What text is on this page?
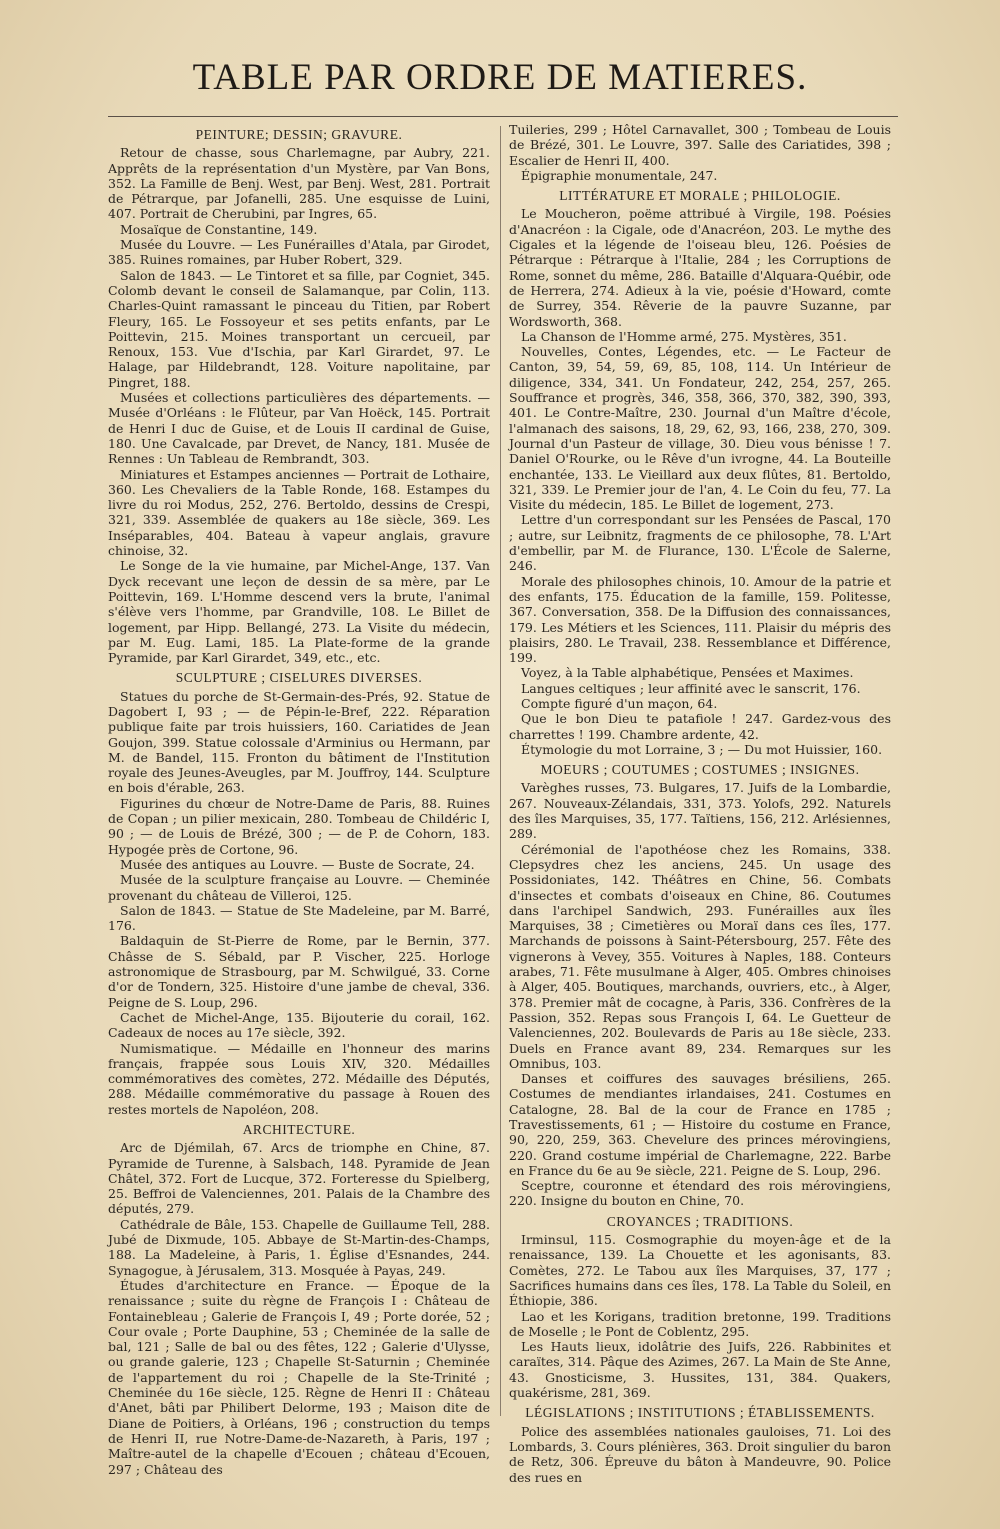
TABLE PAR ORDRE DE MATIERES.
PEINTURE; DESSIN; GRAVURE.

Retour de chasse, sous Charlemagne, par Aubry, 221. Apprêts de la représentation d'un Mystère, par Van Bons, 352. La Famille de Benj. West, par Benj. West, 281. Portrait de Pétrarque, par Jofanelli, 285. Une esquisse de Luini, 407. Portrait de Cherubini, par Ingres, 65.

Mosaïque de Constantine, 149.

Musée du Louvre. — Les Funérailles d'Atala, par Girodet, 385. Ruines romaines, par Huber Robert, 329.

Salon de 1843. — Le Tintoret et sa fille, par Cogniet, 345. Colomb devant le conseil de Salamanque, par Colin, 113. Charles-Quint ramassant le pinceau du Titien, par Robert Fleury, 165. Le Fossoyeur et ses petits enfants, par Le Poittevin, 215. Moines transportant un cercueil, par Renoux, 153. Vue d'Ischia, par Karl Girardet, 97. Le Halage, par Hildebrandt, 128. Voiture napolitaine, par Pingret, 188.

Musées et collections particulières des départements. — Musée d'Orléans : le Flûteur, par Van Hoëck, 145. Portrait de Henri I duc de Guise, et de Louis II cardinal de Guise, 180. Une Cavalcade, par Drevet, de Nancy, 181. Musée de Rennes : Un Tableau de Rembrandt, 303.

Miniatures et Estampes anciennes — Portrait de Lothaire, 360. Les Chevaliers de la Table Ronde, 168. Estampes du livre du roi Modus, 252, 276. Bertoldo, dessins de Crespi, 321, 339. Assemblée de quakers au 18e siècle, 369. Les Inséparables, 404. Bateau à vapeur anglais, gravure chinoise, 32.

Le Songe de la vie humaine, par Michel-Ange, 137. Van Dyck recevant une leçon de dessin de sa mère, par Le Poittevin, 169. L'Homme descend vers la brute, l'animal s'élève vers l'homme, par Grandville, 108. Le Billet de logement, par Hipp. Bellangé, 273. La Visite du médecin, par M. Eug. Lami, 185. La Plate-forme de la grande Pyramide, par Karl Girardet, 349, etc., etc.

SCULPTURE ; CISELURES DIVERSES.

Statues du porche de St-Germain-des-Prés, 92. Statue de Dagobert I, 93 ; — de Pépin-le-Bref, 222. Réparation publique faite par trois huissiers, 160. Cariatides de Jean Goujon, 399. Statue colossale d'Arminius ou Hermann, par M. de Bandel, 115. Fronton du bâtiment de l'Institution royale des Jeunes-Aveugles, par M. Jouffroy, 144. Sculpture en bois d'érable, 263.

Figurines du chœur de Notre-Dame de Paris, 88. Ruines de Copan ; un pilier mexicain, 280. Tombeau de Childéric I, 90 ; — de Louis de Brézé, 300 ; — de P. de Cohorn, 183. Hypogée près de Cortone, 96.

Musée des antiques au Louvre. — Buste de Socrate, 24.

Musée de la sculpture française au Louvre. — Cheminée provenant du château de Villeroi, 125.

Salon de 1843. — Statue de Ste Madeleine, par M. Barré, 176.

Baldaquin de St-Pierre de Rome, par le Bernin, 377. Châsse de S. Sébald, par P. Vischer, 225. Horloge astronomique de Strasbourg, par M. Schwilgué, 33. Corne d'or de Tondern, 325. Histoire d'une jambe de cheval, 336. Peigne de S. Loup, 296.

Cachet de Michel-Ange, 135. Bijouterie du corail, 162. Cadeaux de noces au 17e siècle, 392.

Numismatique. — Médaille en l'honneur des marins français, frappée sous Louis XIV, 320. Médailles commémoratives des comètes, 272. Médaille des Députés, 288. Médaille commémorative du passage à Rouen des restes mortels de Napoléon, 208.

ARCHITECTURE.

Arc de Djémilah, 67. Arcs de triomphe en Chine, 87. Pyramide de Turenne, à Salsbach, 148. Pyramide de Jean Châtel, 372. Fort de Lucque, 372. Forteresse du Spielberg, 25. Beffroi de Valenciennes, 201. Palais de la Chambre des députés, 279.

Cathédrale de Bâle, 153. Chapelle de Guillaume Tell, 288. Jubé de Dixmude, 105. Abbaye de St-Martin-des-Champs, 188. La Madeleine, à Paris, 1. Église d'Esnandes, 244. Synagogue, à Jérusalem, 313. Mosquée à Payas, 249.

Études d'architecture en France. — Époque de la renaissance ; suite du règne de François I : Château de Fontainebleau ; Galerie de François I, 49 ; Porte dorée, 52 ; Cour ovale ; Porte Dauphine, 53 ; Cheminée de la salle de bal, 121 ; Salle de bal ou des fêtes, 122 ; Galerie d'Ulysse, ou grande galerie, 123 ; Chapelle St-Saturnin ; Cheminée de l'appartement du roi ; Chapelle de la Ste-Trinité ; Cheminée du 16e siècle, 125. Règne de Henri II : Château d'Anet, bâti par Philibert Delorme, 193 ; Maison dite de Diane de Poitiers, à Orléans, 196 ; construction du temps de Henri II, rue Notre-Dame-de-Nazareth, à Paris, 197 ; Maître-autel de la chapelle d'Ecouen ; château d'Ecouen, 297 ; Château des

Tuileries, 299 ; Hôtel Carnavallet, 300 ; Tombeau de Louis de Brézé, 301. Le Louvre, 397. Salle des Cariatides, 398 ; Escalier de Henri II, 400.

Épigraphie monumentale, 247.

LITTÉRATURE ET MORALE ; PHILOLOGIE.

Le Moucheron, poëme attribué à Virgile, 198. Poésies d'Anacréon : la Cigale, ode d'Anacréon, 203. Le mythe des Cigales et la légende de l'oiseau bleu, 126. Poésies de Pétrarque : Pétrarque à l'Italie, 284 ; les Corruptions de Rome, sonnet du même, 286. Bataille d'Alquara-Québir, ode de Herrera, 274. Adieux à la vie, poésie d'Howard, comte de Surrey, 354. Rêverie de la pauvre Suzanne, par Wordsworth, 368.

La Chanson de l'Homme armé, 275. Mystères, 351.

Nouvelles, Contes, Légendes, etc. — Le Facteur de Canton, 39, 54, 59, 69, 85, 108, 114. Un Intérieur de diligence, 334, 341. Un Fondateur, 242, 254, 257, 265. Souffrance et progrès, 346, 358, 366, 370, 382, 390, 393, 401. Le Contre-Maître, 230. Journal d'un Maître d'école, l'almanach des saisons, 18, 29, 62, 93, 166, 238, 270, 309. Journal d'un Pasteur de village, 30. Dieu vous bénisse ! 7. Daniel O'Rourke, ou le Rêve d'un ivrogne, 44. La Bouteille enchantée, 133. Le Vieillard aux deux flûtes, 81. Bertoldo, 321, 339. Le Premier jour de l'an, 4. Le Coin du feu, 77. La Visite du médecin, 185. Le Billet de logement, 273.

Lettre d'un correspondant sur les Pensées de Pascal, 170 ; autre, sur Leibnitz, fragments de ce philosophe, 78. L'Art d'embellir, par M. de Flurance, 130. L'École de Salerne, 246.

Morale des philosophes chinois, 10. Amour de la patrie et des enfants, 175. Éducation de la famille, 159. Politesse, 367. Conversation, 358. De la Diffusion des connaissances, 179. Les Métiers et les Sciences, 111. Plaisir du mépris des plaisirs, 280. Le Travail, 238. Ressemblance et Différence, 199.

Voyez, à la Table alphabétique, Pensées et Maximes.

Langues celtiques ; leur affinité avec le sanscrit, 176.

Compte figuré d'un maçon, 64.

Que le bon Dieu te patafiole ! 247. Gardez-vous des charrettes ! 199. Chambre ardente, 42.

Étymologie du mot Lorraine, 3 ; — Du mot Huissier, 160.

MOEURS ; COUTUMES ; COSTUMES ; INSIGNES.

Varèghes russes, 73. Bulgares, 17. Juifs de la Lombardie, 267. Nouveaux-Zélandais, 331, 373. Yolofs, 292. Naturels des îles Marquises, 35, 177. Taïtiens, 156, 212. Arlésiennes, 289.

Cérémonial de l'apothéose chez les Romains, 338. Clepsydres chez les anciens, 245. Un usage des Possidoniates, 142. Théâtres en Chine, 56. Combats d'insectes et combats d'oiseaux en Chine, 86. Coutumes dans l'archipel Sandwich, 293. Funérailles aux îles Marquises, 38 ; Cimetières ou Moraï dans ces îles, 177. Marchands de poissons à Saint-Pétersbourg, 257. Fête des vignerons à Vevey, 355. Voitures à Naples, 188. Conteurs arabes, 71. Fête musulmane à Alger, 405. Ombres chinoises à Alger, 405. Boutiques, marchands, ouvriers, etc., à Alger, 378. Premier mât de cocagne, à Paris, 336. Confrères de la Passion, 352. Repas sous François I, 64. Le Guetteur de Valenciennes, 202. Boulevards de Paris au 18e siècle, 233. Duels en France avant 89, 234. Remarques sur les Omnibus, 103.

Danses et coiffures des sauvages brésiliens, 265. Costumes de mendiantes irlandaises, 241. Costumes en Catalogne, 28. Bal de la cour de France en 1785 ; Travestissements, 61 ; — Histoire du costume en France, 90, 220, 259, 363. Chevelure des princes mérovingiens, 220. Grand costume impérial de Charlemagne, 222. Barbe en France du 6e au 9e siècle, 221. Peigne de S. Loup, 296.

Sceptre, couronne et étendard des rois mérovingiens, 220. Insigne du bouton en Chine, 70.

CROYANCES ; TRADITIONS.

Irminsul, 115. Cosmographie du moyen-âge et de la renaissance, 139. La Chouette et les agonisants, 83. Comètes, 272. Le Tabou aux îles Marquises, 37, 177 ; Sacrifices humains dans ces îles, 178. La Table du Soleil, en Éthiopie, 386.

Lao et les Korigans, tradition bretonne, 199. Traditions de Moselle ; le Pont de Coblentz, 295.

Les Hauts lieux, idolâtrie des Juifs, 226. Rabbinites et caraïtes, 314. Pâque des Azimes, 267. La Main de Ste Anne, 43. Gnosticisme, 3. Hussites, 131, 384. Quakers, quakérisme, 281, 369.

LÉGISLATIONS ; INSTITUTIONS ; ÉTABLISSEMENTS.

Police des assemblées nationales gauloises, 71. Loi des Lombards, 3. Cours plénières, 363. Droit singulier du baron de Retz, 306. Épreuve du bâton à Mandeuvre, 90. Police des rues en
